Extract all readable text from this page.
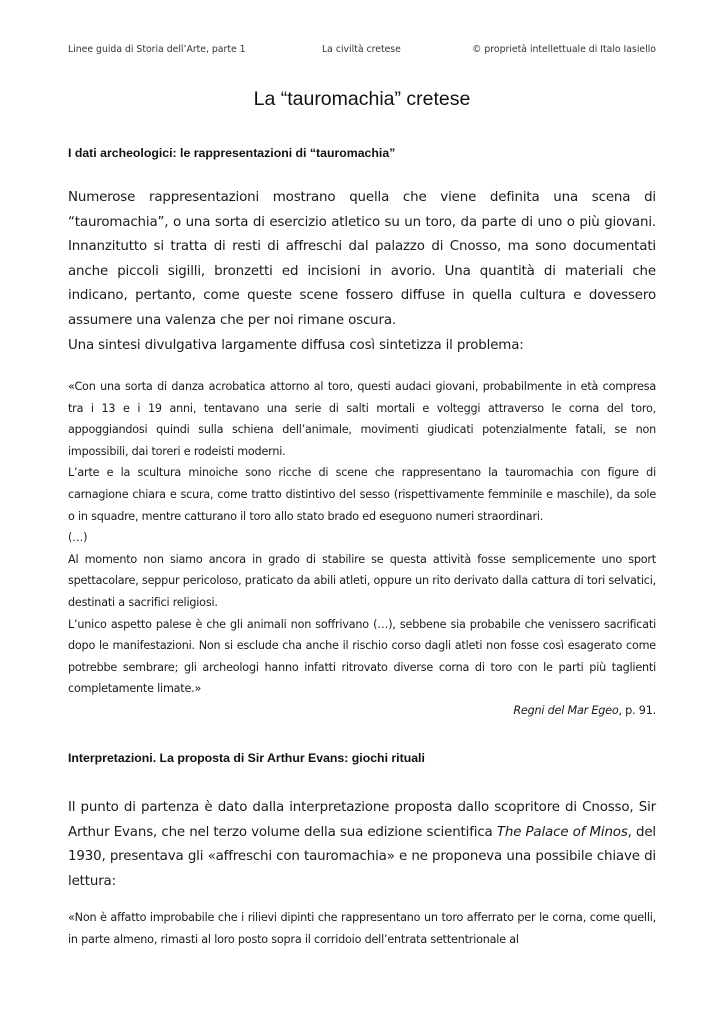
Linee guida di Storia dell’Arte, parte 1	La civiltà cretese	© proprietà intellettuale di Italo Iasiello
La “tauromachia” cretese
I dati archeologici: le rappresentazioni di “tauromachia”

Numerose rappresentazioni mostrano quella che viene definita una scena di “tauromachia”, o una sorta di esercizio atletico su un toro, da parte di uno o più giovani. Innanzitutto si tratta di resti di affreschi dal palazzo di Cnosso, ma sono documentati anche piccoli sigilli, bronzetti ed incisioni in avorio. Una quantità di materiali che indicano, pertanto, come queste scene fossero diffuse in quella cultura e dovessero assumere una valenza che per noi rimane oscura.

Una sintesi divulgativa largamente diffusa così sintetizza il problema:

«Con una sorta di danza acrobatica attorno al toro, questi audaci giovani, probabilmente in età compresa tra i 13 e i 19 anni, tentavano una serie di salti mortali e volteggi attraverso le corna del toro, appoggiandosi quindi sulla schiena dell’animale, movimenti giudicati potenzialmente fatali, se non impossibili, dai toreri e rodeisti moderni.

L’arte e la scultura minoiche sono ricche di scene che rappresentano la tauromachia con figure di carnagione chiara e scura, come tratto distintivo del sesso (rispettivamente femminile e maschile), da sole o in squadre, mentre catturano il toro allo stato brado ed eseguono numeri straordinari.

(…)

Al momento non siamo ancora in grado di stabilire se questa attività fosse semplicemente uno sport spettacolare, seppur pericoloso, praticato da abili atleti, oppure un rito derivato dalla cattura di tori selvatici, destinati a sacrifici religiosi.

L’unico aspetto palese è che gli animali non soffrivano (…), sebbene sia probabile che venissero sacrificati dopo le manifestazioni. Non si esclude cha anche il rischio corso dagli atleti non fosse così esagerato come potrebbe sembrare; gli archeologi hanno infatti ritrovato diverse corna di toro con le parti più taglienti completamente limate.»

Regni del Mar Egeo, p. 91.

Interpretazioni. La proposta di Sir Arthur Evans: giochi rituali

Il punto di partenza è dato dalla interpretazione proposta dallo scopritore di Cnosso, Sir Arthur Evans, che nel terzo volume della sua edizione scientifica The Palace of Minos, del 1930, presentava gli «affreschi con tauromachia» e ne proponeva una possibile chiave di lettura:

«Non è affatto improbabile che i rilievi dipinti che rappresentano un toro afferrato per le corna, come quelli, in parte almeno, rimasti al loro posto sopra il corridoio dell’entrata settentrionale al
